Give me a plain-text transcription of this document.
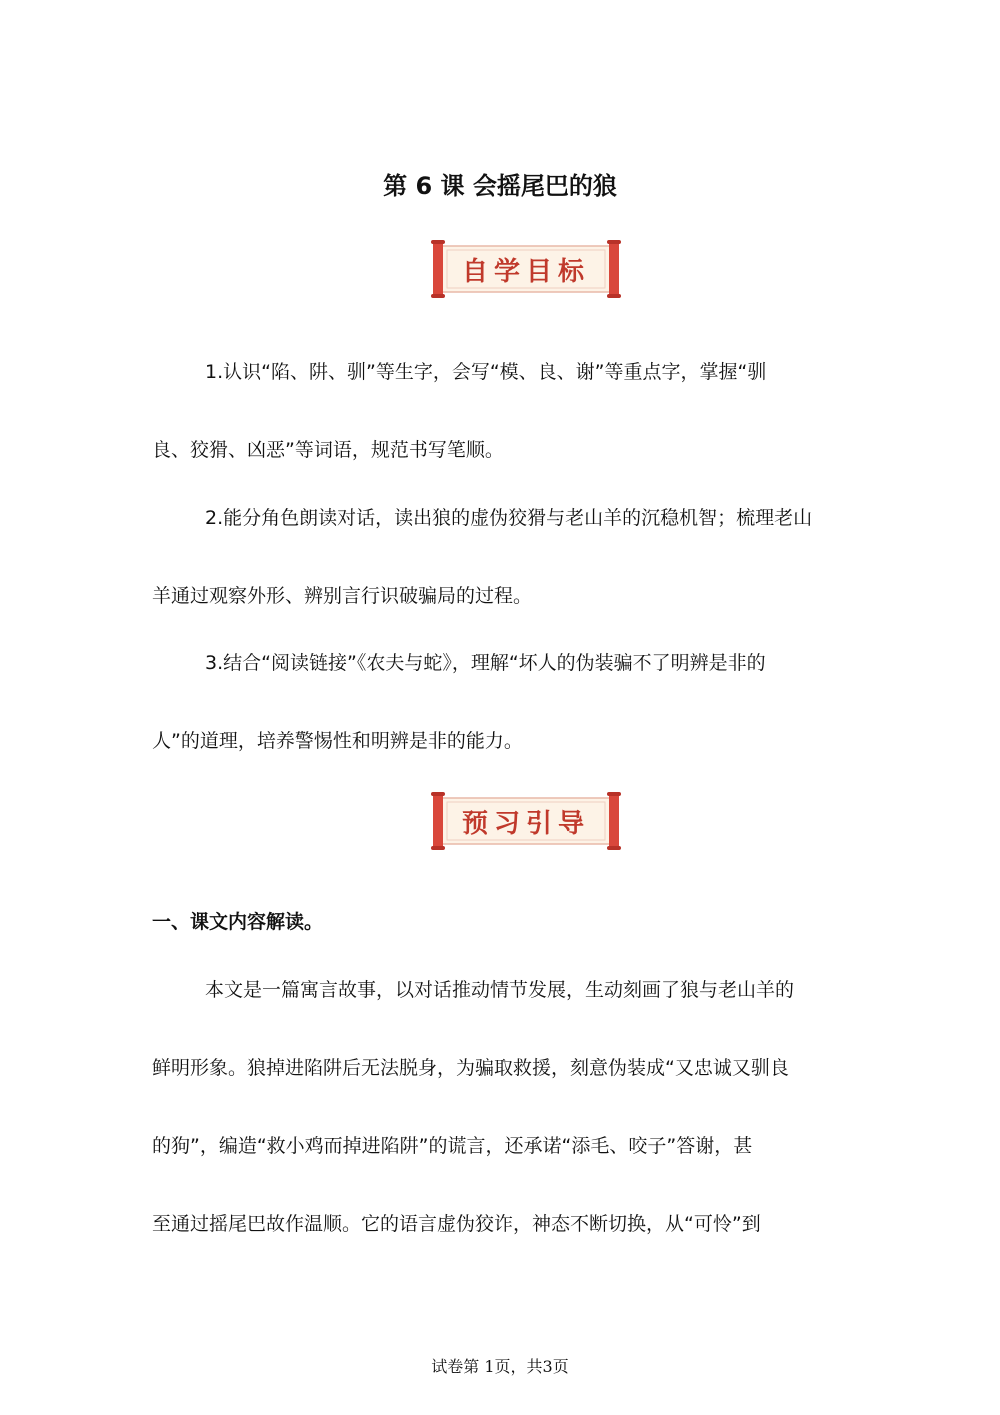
第 6 课 会摇尾巴的狼
自学目标

1.认识“陷、阱、驯”等生字，会写“模、良、谢”等重点字，掌握“驯
良、狡猾、凶恶”等词语，规范书写笔顺。

2.能分角色朗读对话，读出狼的虚伪狡猾与老山羊的沉稳机智；梳理老山
羊通过观察外形、辨别言行识破骗局的过程。

3.结合“阅读链接”《农夫与蛇》，理解“坏人的伪装骗不了明辨是非的
人”的道理，培养警惕性和明辨是非的能力。

预习引导
一、课文内容解读。

本文是一篇寓言故事，以对话推动情节发展，生动刻画了狼与老山羊的
鲜明形象。狼掉进陷阱后无法脱身，为骗取救援，刻意伪装成“又忠诚又驯良
的狗”，编造“救小鸡而掉进陷阱”的谎言，还承诺“添毛、咬子”答谢，甚
至通过摇尾巴故作温顺。它的语言虚伪狡诈，神态不断切换，从“可怜”到

试卷第 1页，共3页
